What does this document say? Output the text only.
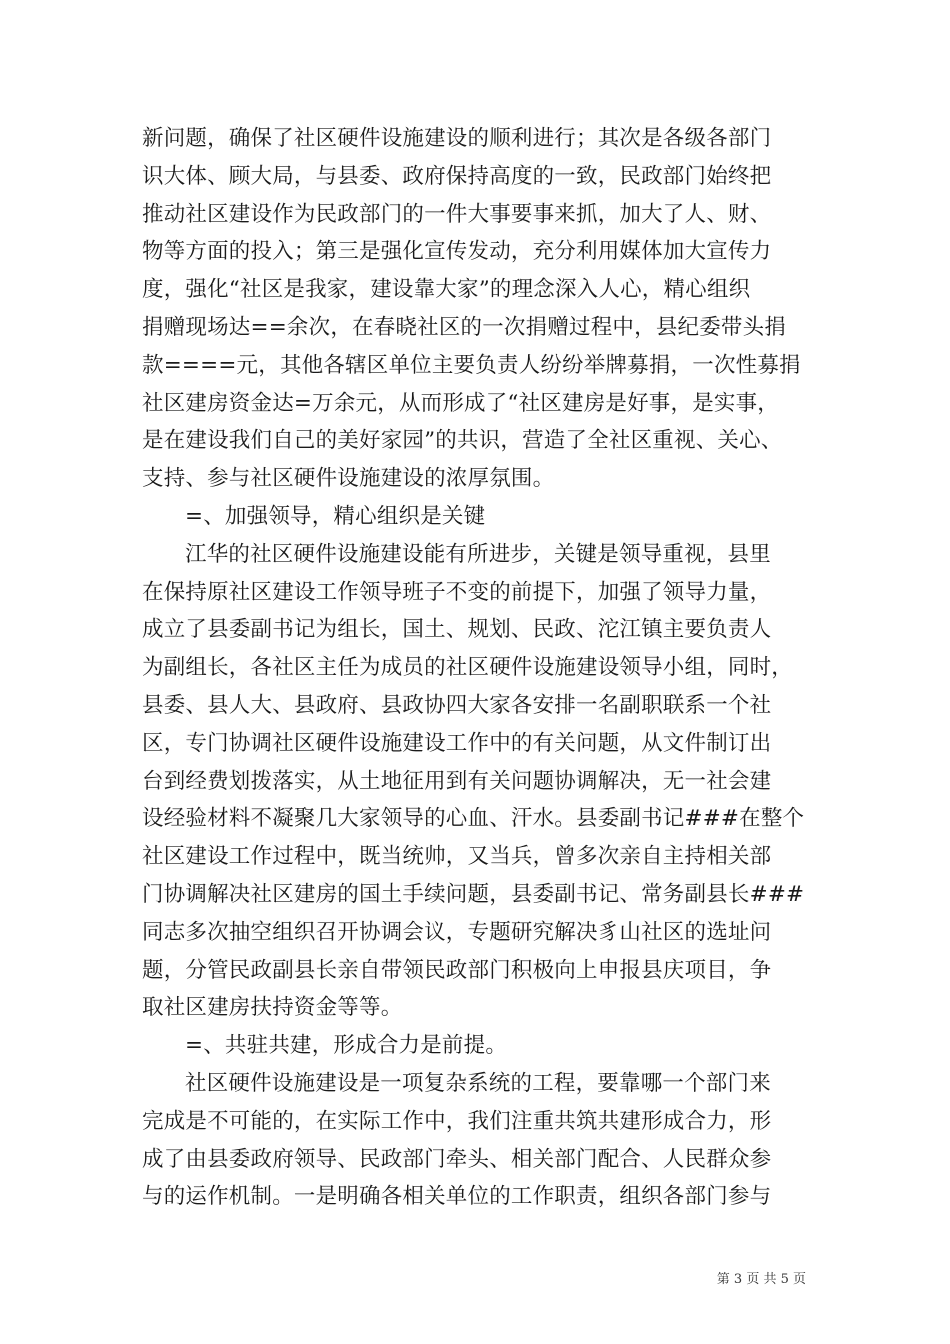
新问题，确保了社区硬件设施建设的顺利进行；其次是各级各部门
识大体、顾大局，与县委、政府保持高度的一致，民政部门始终把
推动社区建设作为民政部门的一件大事要事来抓，加大了人、财、
物等方面的投入；第三是强化宣传发动，充分利用媒体加大宣传力
度，强化“社区是我家，建设靠大家”的理念深入人心，精心组织
捐赠现场达==余次，在春晓社区的一次捐赠过程中，县纪委带头捐
款====元，其他各辖区单位主要负责人纷纷举牌募捐，一次性募捐
社区建房资金达=万余元，从而形成了“社区建房是好事，是实事，
是在建设我们自己的美好家园”的共识，营造了全社区重视、关心、
支持、参与社区硬件设施建设的浓厚氛围。
=、加强领导，精心组织是关键
江华的社区硬件设施建设能有所进步，关键是领导重视，县里
在保持原社区建设工作领导班子不变的前提下，加强了领导力量，
成立了县委副书记为组长，国土、规划、民政、沱江镇主要负责人
为副组长，各社区主任为成员的社区硬件设施建设领导小组，同时，
县委、县人大、县政府、县政协四大家各安排一名副职联系一个社
区，专门协调社区硬件设施建设工作中的有关问题，从文件制订出
台到经费划拨落实，从土地征用到有关问题协调解决，无一社会建
设经验材料不凝聚几大家领导的心血、汗水。县委副书记###在整个
社区建设工作过程中，既当统帅，又当兵，曾多次亲自主持相关部
门协调解决社区建房的国土手续问题，县委副书记、常务副县长###
同志多次抽空组织召开协调会议，专题研究解决豸山社区的选址问
题，分管民政副县长亲自带领民政部门积极向上申报县庆项目，争
取社区建房扶持资金等等。
=、共驻共建，形成合力是前提。
社区硬件设施建设是一项复杂系统的工程，要靠哪一个部门来
完成是不可能的，在实际工作中，我们注重共筑共建形成合力，形
成了由县委政府领导、民政部门牵头、相关部门配合、人民群众参
与的运作机制。一是明确各相关单位的工作职责，组织各部门参与
第 3 页 共 5 页
